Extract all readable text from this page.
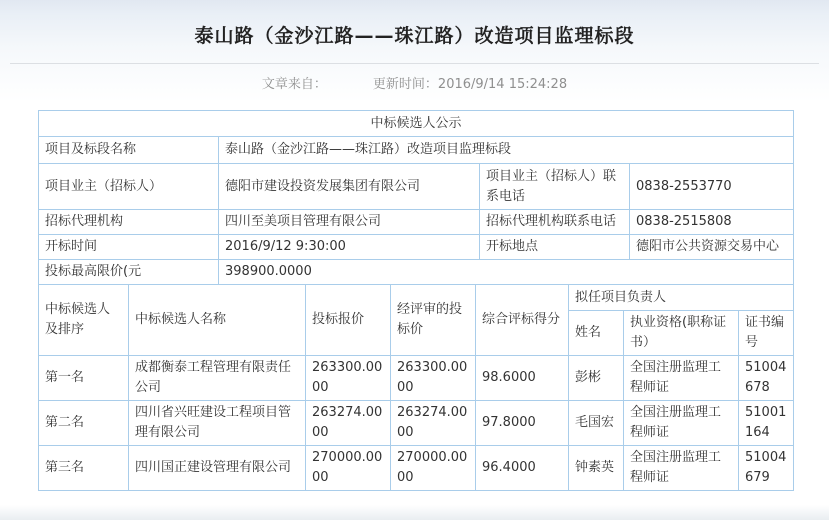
泰山路（金沙江路——珠江路）改造项目监理标段
文章来自：	更新时间：2016/9/14 15:24:28
中标候选人公示			
项目及标段名称	泰山路（金沙江路——珠江路）改造项目监理标段		
项目业主（招标人）	德阳市建设投资发展集团有限公司	项目业主（招标人）联系电话	0838-2553770
招标代理机构	四川至美项目管理有限公司	招标代理机构联系电话	0838-2515808
开标时间	2016/9/12 9:30:00	开标地点	德阳市公共资源交易中心
投标最高限价(元	398900.0000		
中标候选人及排序	中标候选人名称	投标报价	经评审的投标价	综合评标得分	拟任项目负责人		
					姓名	执业资格(职称证书）	证书编号
第一名	成都衡泰工程管理有限责任公司	263300.0000	263300.0000	98.6000	彭彬	全国注册监理工程师证	51004678
第二名	四川省兴旺建设工程项目管理有限公司	263274.0000	263274.0000	97.8000	毛国宏	全国注册监理工程师证	51001164
第三名	四川国正建设管理有限公司	270000.0000	270000.0000	96.4000	钟素英	全国注册监理工程师证	51004679
